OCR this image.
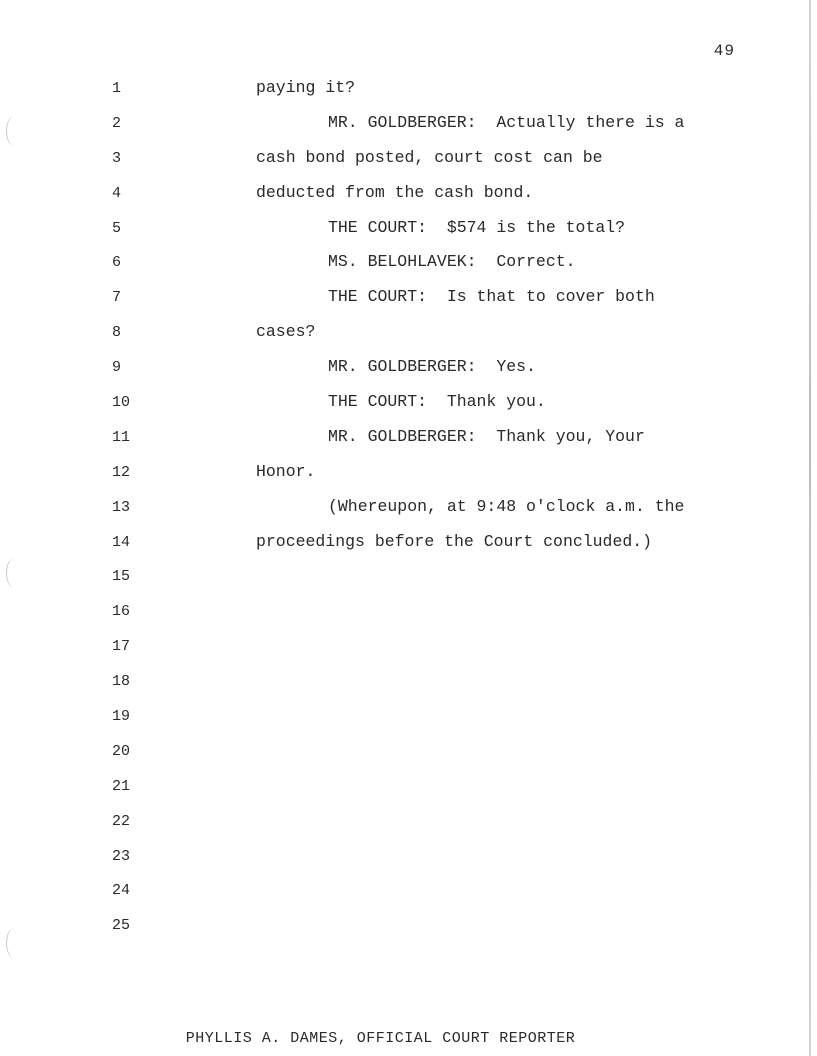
49
1	paying it?
2	MR. GOLDBERGER:  Actually there is a
3	cash bond posted, court cost can be
4	deducted from the cash bond.
5	THE COURT:  $574 is the total?
6	MS. BELOHLAVEK:  Correct.
7	THE COURT:  Is that to cover both
8	cases?
9	MR. GOLDBERGER:  Yes.
10	THE COURT:  Thank you.
11	MR. GOLDBERGER:  Thank you, Your
12	Honor.
13	(Whereupon, at 9:48 o'clock a.m. the
14	proceedings before the Court concluded.)
15
16
17
18
19
20
21
22
23
24
25
PHYLLIS A. DAMES, OFFICIAL COURT REPORTER
